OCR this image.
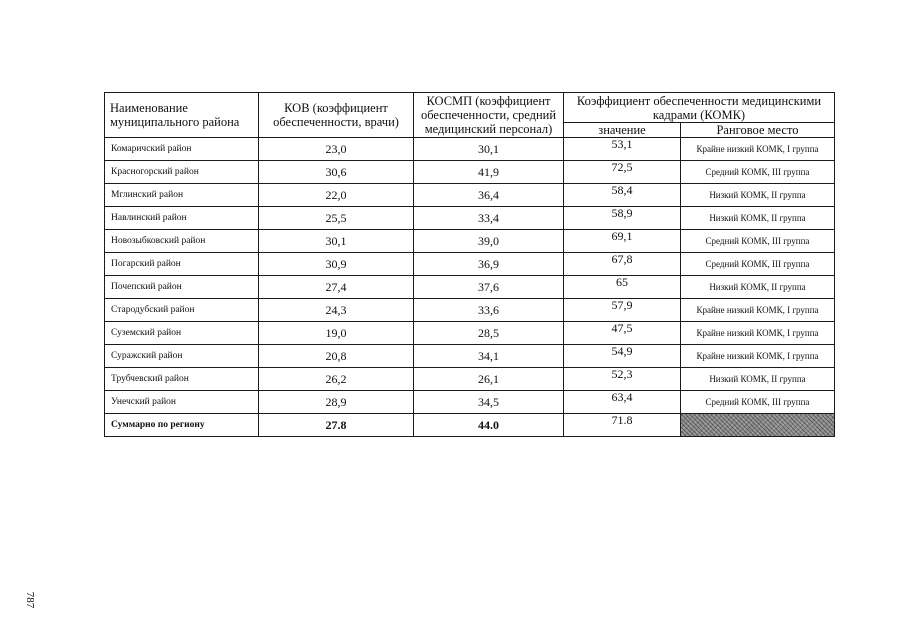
Наименование муниципального района	КОВ (коэффициент обеспеченности, врачи)	КОСМП (коэффициент обеспеченности, средний медицинский персонал)	Коэффициент обеспеченности медицинскими кадрами (КОМК)	
			значение	Ранговое место
Комаричский район	23,0	30,1	53,1	Крайне низкий КОМК, I группа
Красногорский район	30,6	41,9	72,5	Средний КОМК, III группа
Мглинский район	22,0	36,4	58,4	Низкий КОМК, II группа
Навлинский район	25,5	33,4	58,9	Низкий КОМК, II группа
Новозыбковский район	30,1	39,0	69,1	Средний КОМК, III группа
Погарский район	30,9	36,9	67,8	Средний КОМК, III группа
Почепский район	27,4	37,6	65	Низкий КОМК, II группа
Стародубский район	24,3	33,6	57,9	Крайне низкий КОМК, I группа
Суземский район	19,0	28,5	47,5	Крайне низкий КОМК, I группа
Суражский район	20,8	34,1	54,9	Крайне низкий КОМК, I группа
Трубчевский район	26,2	26,1	52,3	Низкий КОМК, II группа
Унечский район	28,9	34,5	63,4	Средний КОМК, III группа
Суммарно по региону	27.8	44.0	71.8	
787
